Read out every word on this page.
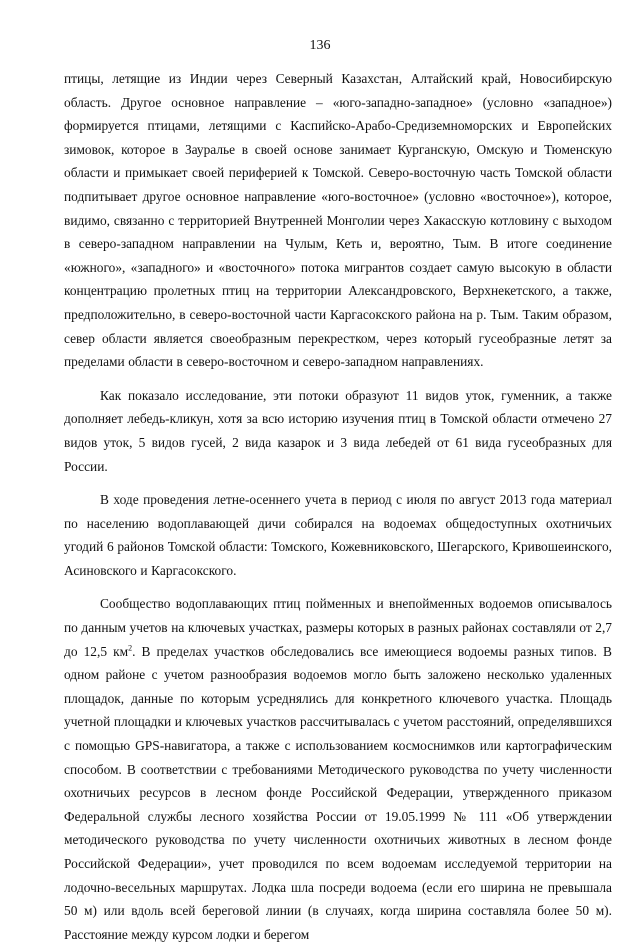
136

птицы, летящие из Индии через Северный Казахстан, Алтайский край, Новосибирскую область. Другое основное направление – «юго-западно-западное» (условно «западное») формируется птицами, летящими с Каспийско-Арабо-Средиземноморских и Европейских зимовок, которое в Зауралье в своей основе занимает Курганскую, Омскую и Тюменскую области и примыкает своей периферией к Томской. Северо-восточную часть Томской области подпитывает другое основное направление «юго-восточное» (условно «восточное»), которое, видимо, связанно с территорией Внутренней Монголии через Хакасскую котловину с выходом в северо-западном направлении на Чулым, Кеть и, вероятно, Тым. В итоге соединение «южного», «западного» и «восточного» потока мигрантов создает самую высокую в области концентрацию пролетных птиц на территории Александровского, Верхнекетского, а также, предположительно, в северо-восточной части Каргасокского района на р. Тым. Таким образом, север области является своеобразным перекрестком, через который гусеобразные летят за пределами области в северо-восточном и северо-западном направлениях.

Как показало исследование, эти потоки образуют 11 видов уток, гуменник, а также дополняет лебедь-кликун, хотя за всю историю изучения птиц в Томской области отмечено 27 видов уток, 5 видов гусей, 2 вида казарок и 3 вида лебедей от 61 вида гусеобразных для России.

В ходе проведения летне-осеннего учета в период с июля по август 2013 года материал по населению водоплавающей дичи собирался на водоемах общедоступных охотничьих угодий 6 районов Томской области: Томского, Кожевниковского, Шегарского, Кривошеинского, Асиновского и Каргасокского.

Сообщество водоплавающих птиц пойменных и внепойменных водоемов описывалось по данным учетов на ключевых участках, размеры которых в разных районах составляли от 2,7 до 12,5 $км^2$. В пределах участков обследовались все имеющиеся водоемы разных типов. В одном районе с учетом разнообразия водоемов могло быть заложено несколько удаленных площадок, данные по которым усреднялись для конкретного ключевого участка. Площадь учетной площадки и ключевых участков рассчитывалась с учетом расстояний, определявшихся с помощью GPS-навигатора, а также с использованием космоснимков или картографическим способом. В соответствии с требованиями Методического руководства по учету численности охотничьих ресурсов в лесном фонде Российской Федерации, утвержденного приказом Федеральной службы лесного хозяйства России от 19.05.1999 № 111 «Об утверждении методического руководства по учету численности охотничьих животных в лесном фонде Российской Федерации», учет проводился по всем водоемам исследуемой территории на лодочно-весельных маршрутах. Лодка шла посреди водоема (если его ширина не превышала 50 м) или вдоль всей береговой линии (в случаях, когда ширина составляла более 50 м). Расстояние между курсом лодки и берегом
